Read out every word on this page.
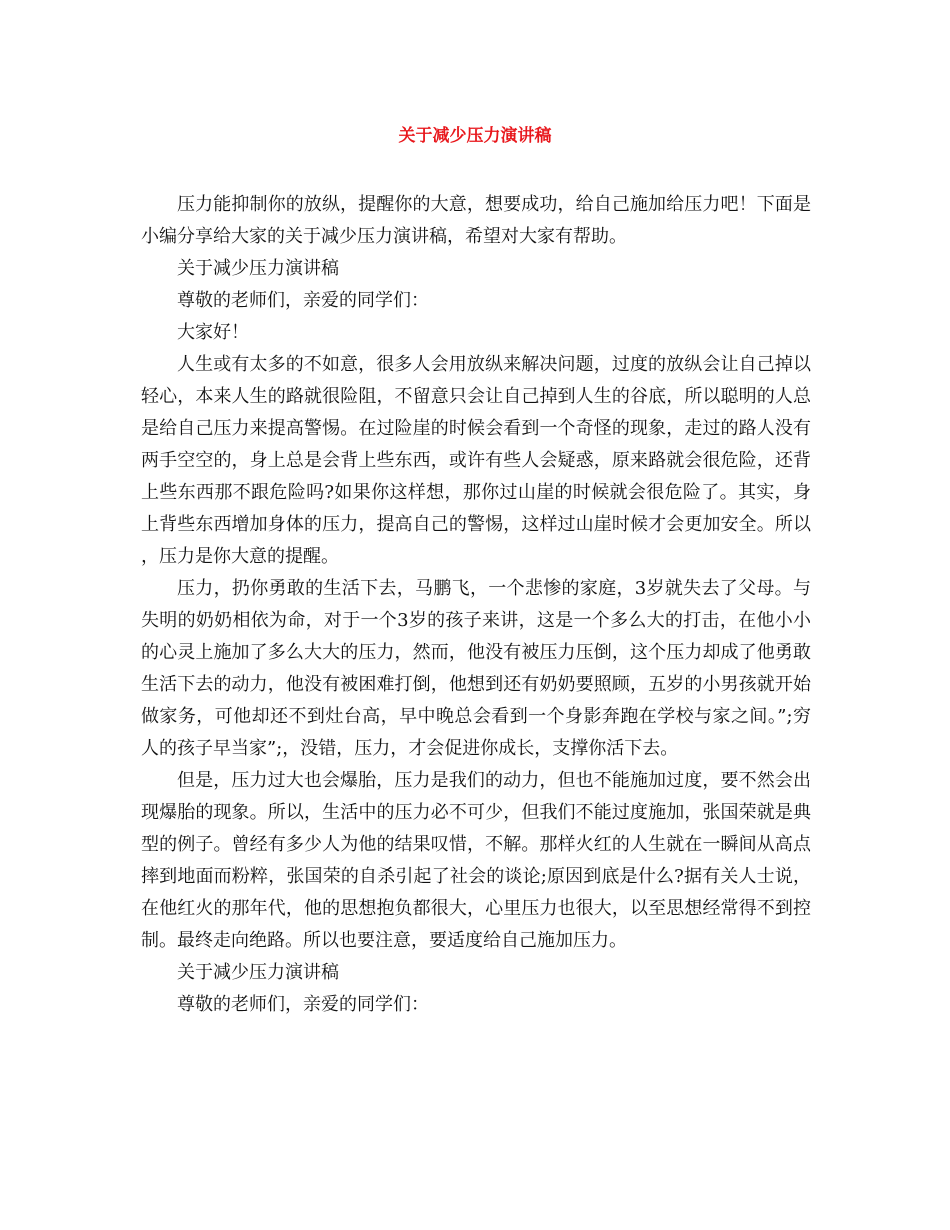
关于减少压力演讲稿

压力能抑制你的放纵，提醒你的大意，想要成功，给自己施加给压力吧！下面是小编分享给大家的关于减少压力演讲稿，希望对大家有帮助。

关于减少压力演讲稿

尊敬的老师们，亲爱的同学们：

大家好！

人生或有太多的不如意，很多人会用放纵来解决问题，过度的放纵会让自己掉以轻心，本来人生的路就很险阻，不留意只会让自己掉到人生的谷底，所以聪明的人总是给自己压力来提高警惕。在过险崖的时候会看到一个奇怪的现象，走过的路人没有两手空空的，身上总是会背上些东西，或许有些人会疑惑，原来路就会很危险，还背上些东西那不跟危险吗?如果你这样想，那你过山崖的时候就会很危险了。其实，身上背些东西增加身体的压力，提高自己的警惕，这样过山崖时候才会更加安全。所以，压力是你大意的提醒。

压力，扔你勇敢的生活下去，马鹏飞，一个悲惨的家庭，3岁就失去了父母。与失明的奶奶相依为命，对于一个3岁的孩子来讲，这是一个多么大的打击，在他小小的心灵上施加了多么大大的压力，然而，他没有被压力压倒，这个压力却成了他勇敢生活下去的动力，他没有被困难打倒，他想到还有奶奶要照顾，五岁的小男孩就开始做家务，可他却还不到灶台高，早中晚总会看到一个身影奔跑在学校与家之间。”;穷人的孩子早当家”;，没错，压力，才会促进你成长，支撑你活下去。

但是，压力过大也会爆胎，压力是我们的动力，但也不能施加过度，要不然会出现爆胎的现象。所以，生活中的压力必不可少，但我们不能过度施加，张国荣就是典型的例子。曾经有多少人为他的结果叹惜，不解。那样火红的人生就在一瞬间从高点摔到地面而粉粹，张国荣的自杀引起了社会的谈论;原因到底是什么?据有关人士说，在他红火的那年代，他的思想抱负都很大，心里压力也很大，以至思想经常得不到控制。最终走向绝路。所以也要注意，要适度给自己施加压力。

关于减少压力演讲稿

尊敬的老师们，亲爱的同学们：
